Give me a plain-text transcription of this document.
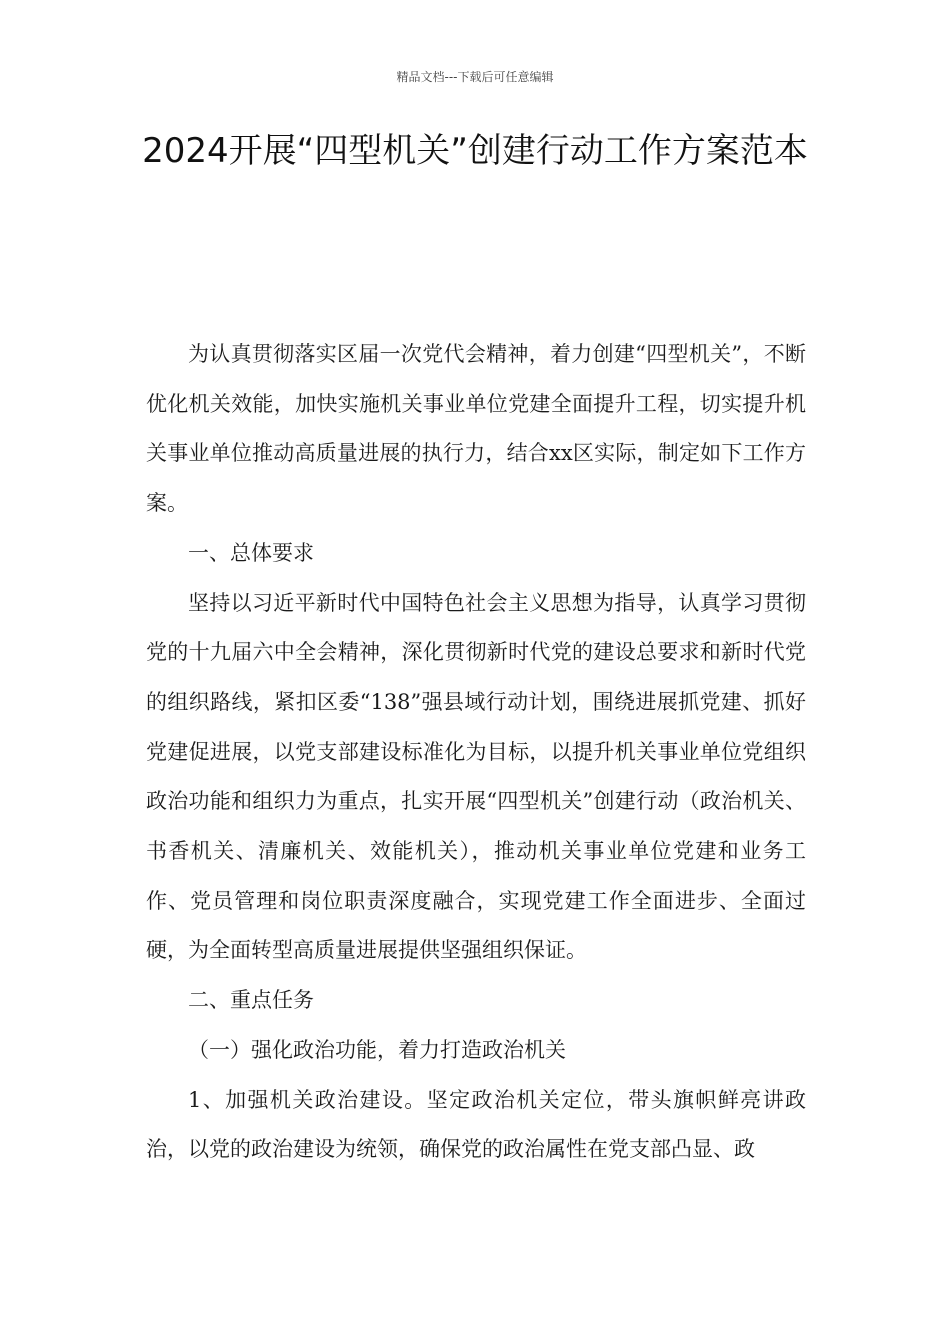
精品文档---下载后可任意编辑
2024开展“四型机关”创建行动工作方案范本

为认真贯彻落实区届一次党代会精神，着力创建“四型机关”，不断优化机关效能，加快实施机关事业单位党建全面提升工程，切实提升机关事业单位推动高质量进展的执行力，结合xx区实际，制定如下工作方案。

一、总体要求

坚持以习近平新时代中国特色社会主义思想为指导，认真学习贯彻党的十九届六中全会精神，深化贯彻新时代党的建设总要求和新时代党的组织路线，紧扣区委“138”强县域行动计划，围绕进展抓党建、抓好党建促进展，以党支部建设标准化为目标，以提升机关事业单位党组织政治功能和组织力为重点，扎实开展“四型机关”创建行动（政治机关、书香机关、清廉机关、效能机关），推动机关事业单位党建和业务工作、党员管理和岗位职责深度融合，实现党建工作全面进步、全面过硬，为全面转型高质量进展提供坚强组织保证。

二、重点任务

（一）强化政治功能，着力打造政治机关

1、加强机关政治建设。坚定政治机关定位，带头旗帜鲜亮讲政治，以党的政治建设为统领，确保党的政治属性在党支部凸显、政
